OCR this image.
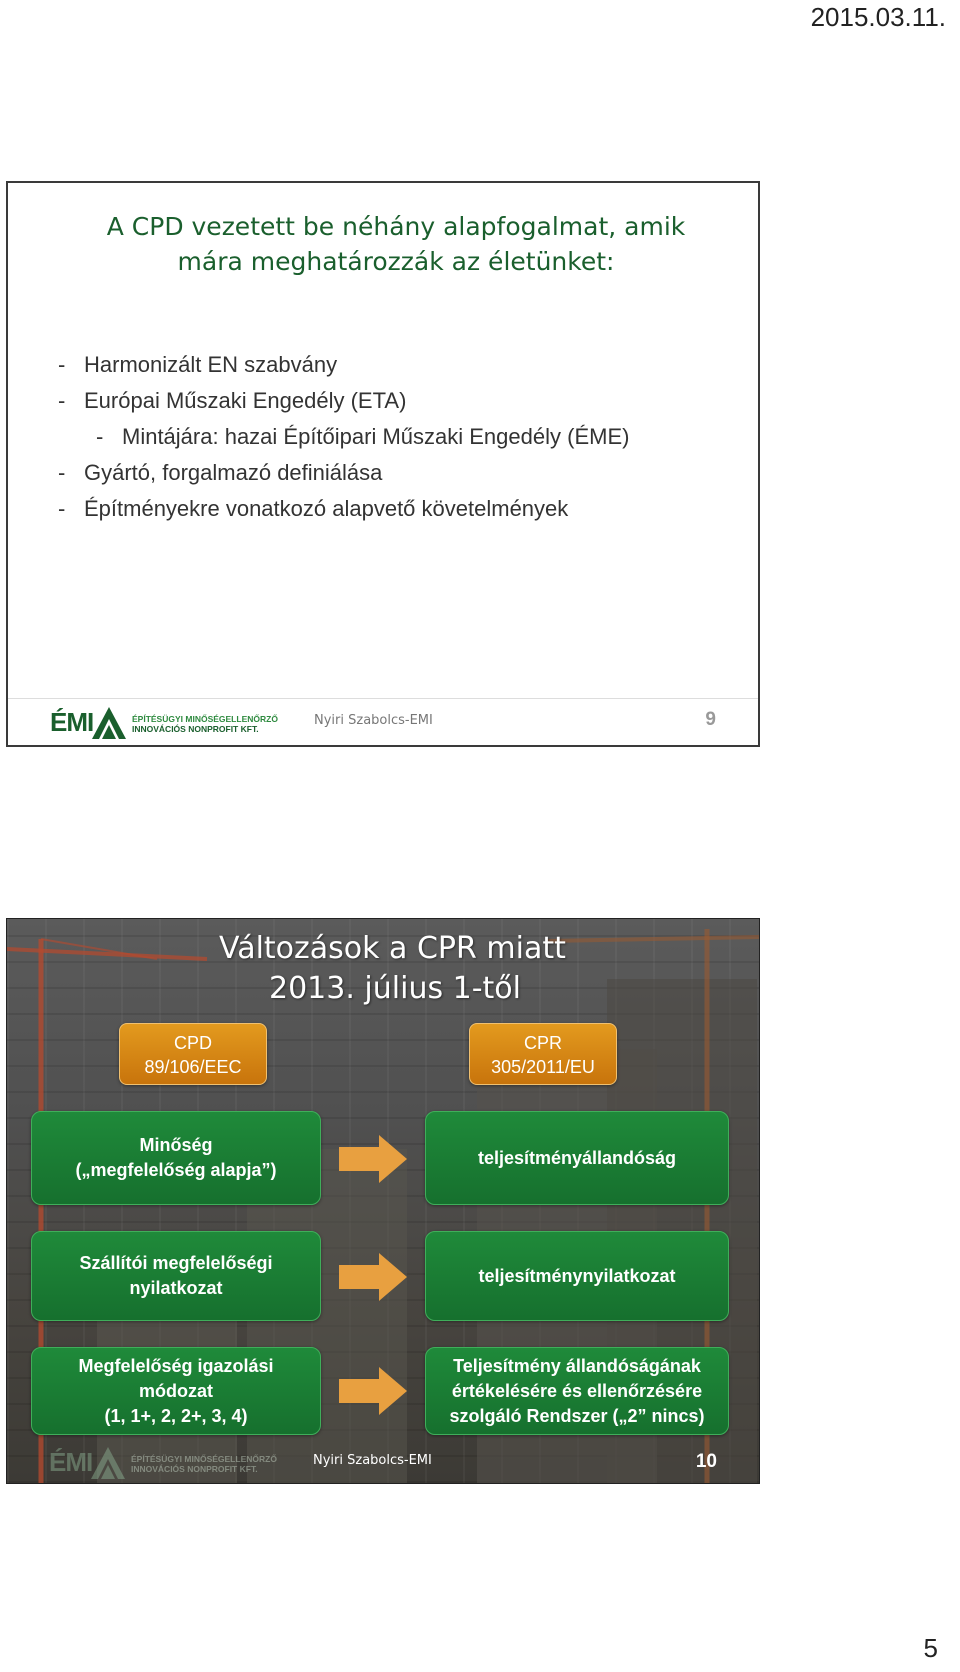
2015.03.11.
A CPD vezetett be néhány alapfogalmat, amik
mára meghatározzák az életünket:
- Harmonizált EN szabvány
- Európai Műszaki Engedély (ETA)
- Mintájára: hazai Építőipari Műszaki Engedély (ÉME)
- Gyártó, forgalmazó definiálása
- Építményekre vonatkozó alapvető követelmények
ÉMI	ÉPÍTÉSÜGYI MINŐSÉGELLENŐRZŐ
INNOVÁCIÓS NONPROFIT KFT.
Nyiri Szabolcs-EMI	9
Változások a CPR miatt
2013. július 1-től
CPD
89/106/EEC
CPR
305/2011/EU
Minőség
(„megfelelőség alapja”)
teljesítményállandóság
Szállítói megfelelőségi
nyilatkozat
teljesítménynyilatkozat
Megfelelőség igazolási
módozat
(1, 1+, 2, 2+, 3, 4)
Teljesítmény állandóságának
értékelésére és ellenőrzésére
szolgáló Rendszer („2” nincs)
ÉMI	ÉPÍTÉSÜGYI MINŐSÉGELLENŐRZŐ
INNOVÁCIÓS NONPROFIT KFT.
Nyiri Szabolcs-EMI	10
5
